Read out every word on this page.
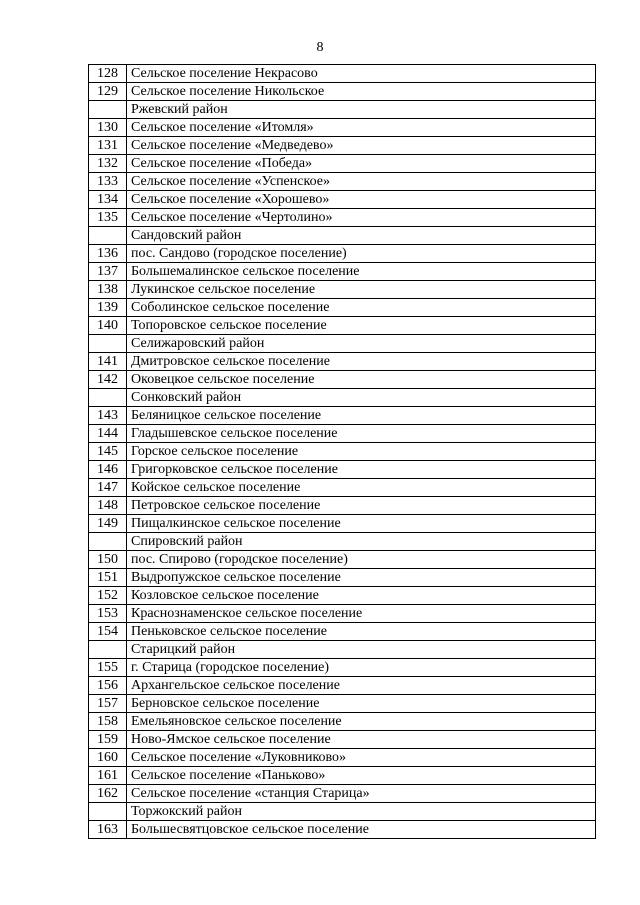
8
128	Сельское поселение Некрасово
129	Сельское поселение Никольское
	Ржевский район
130	Сельское поселение «Итомля»
131	Сельское поселение «Медведево»
132	Сельское поселение «Победа»
133	Сельское поселение «Успенское»
134	Сельское поселение «Хорошево»
135	Сельское поселение «Чертолино»
	Сандовский район
136	пос. Сандово (городское поселение)
137	Большемалинское сельское поселение
138	Лукинское сельское поселение
139	Соболинское сельское поселение
140	Топоровское сельское поселение
	Селижаровский район
141	Дмитровское сельское поселение
142	Оковецкое сельское поселение
	Сонковский район
143	Беляницкое сельское поселение
144	Гладышевское сельское поселение
145	Горское сельское поселение
146	Григорковское сельское поселение
147	Койское сельское поселение
148	Петровское сельское поселение
149	Пищалкинское сельское поселение
	Спировский район
150	пос. Спирово (городское поселение)
151	Выдропужское сельское поселение
152	Козловское сельское поселение
153	Краснознаменское сельское поселение
154	Пеньковское сельское поселение
	Старицкий район
155	г. Старица (городское поселение)
156	Архангельское сельское поселение
157	Берновское сельское поселение
158	Емельяновское сельское поселение
159	Ново-Ямское сельское поселение
160	Сельское поселение «Луковниково»
161	Сельское поселение «Паньково»
162	Сельское поселение «станция Старица»
	Торжокский район
163	Большесвятцовское сельское поселение
